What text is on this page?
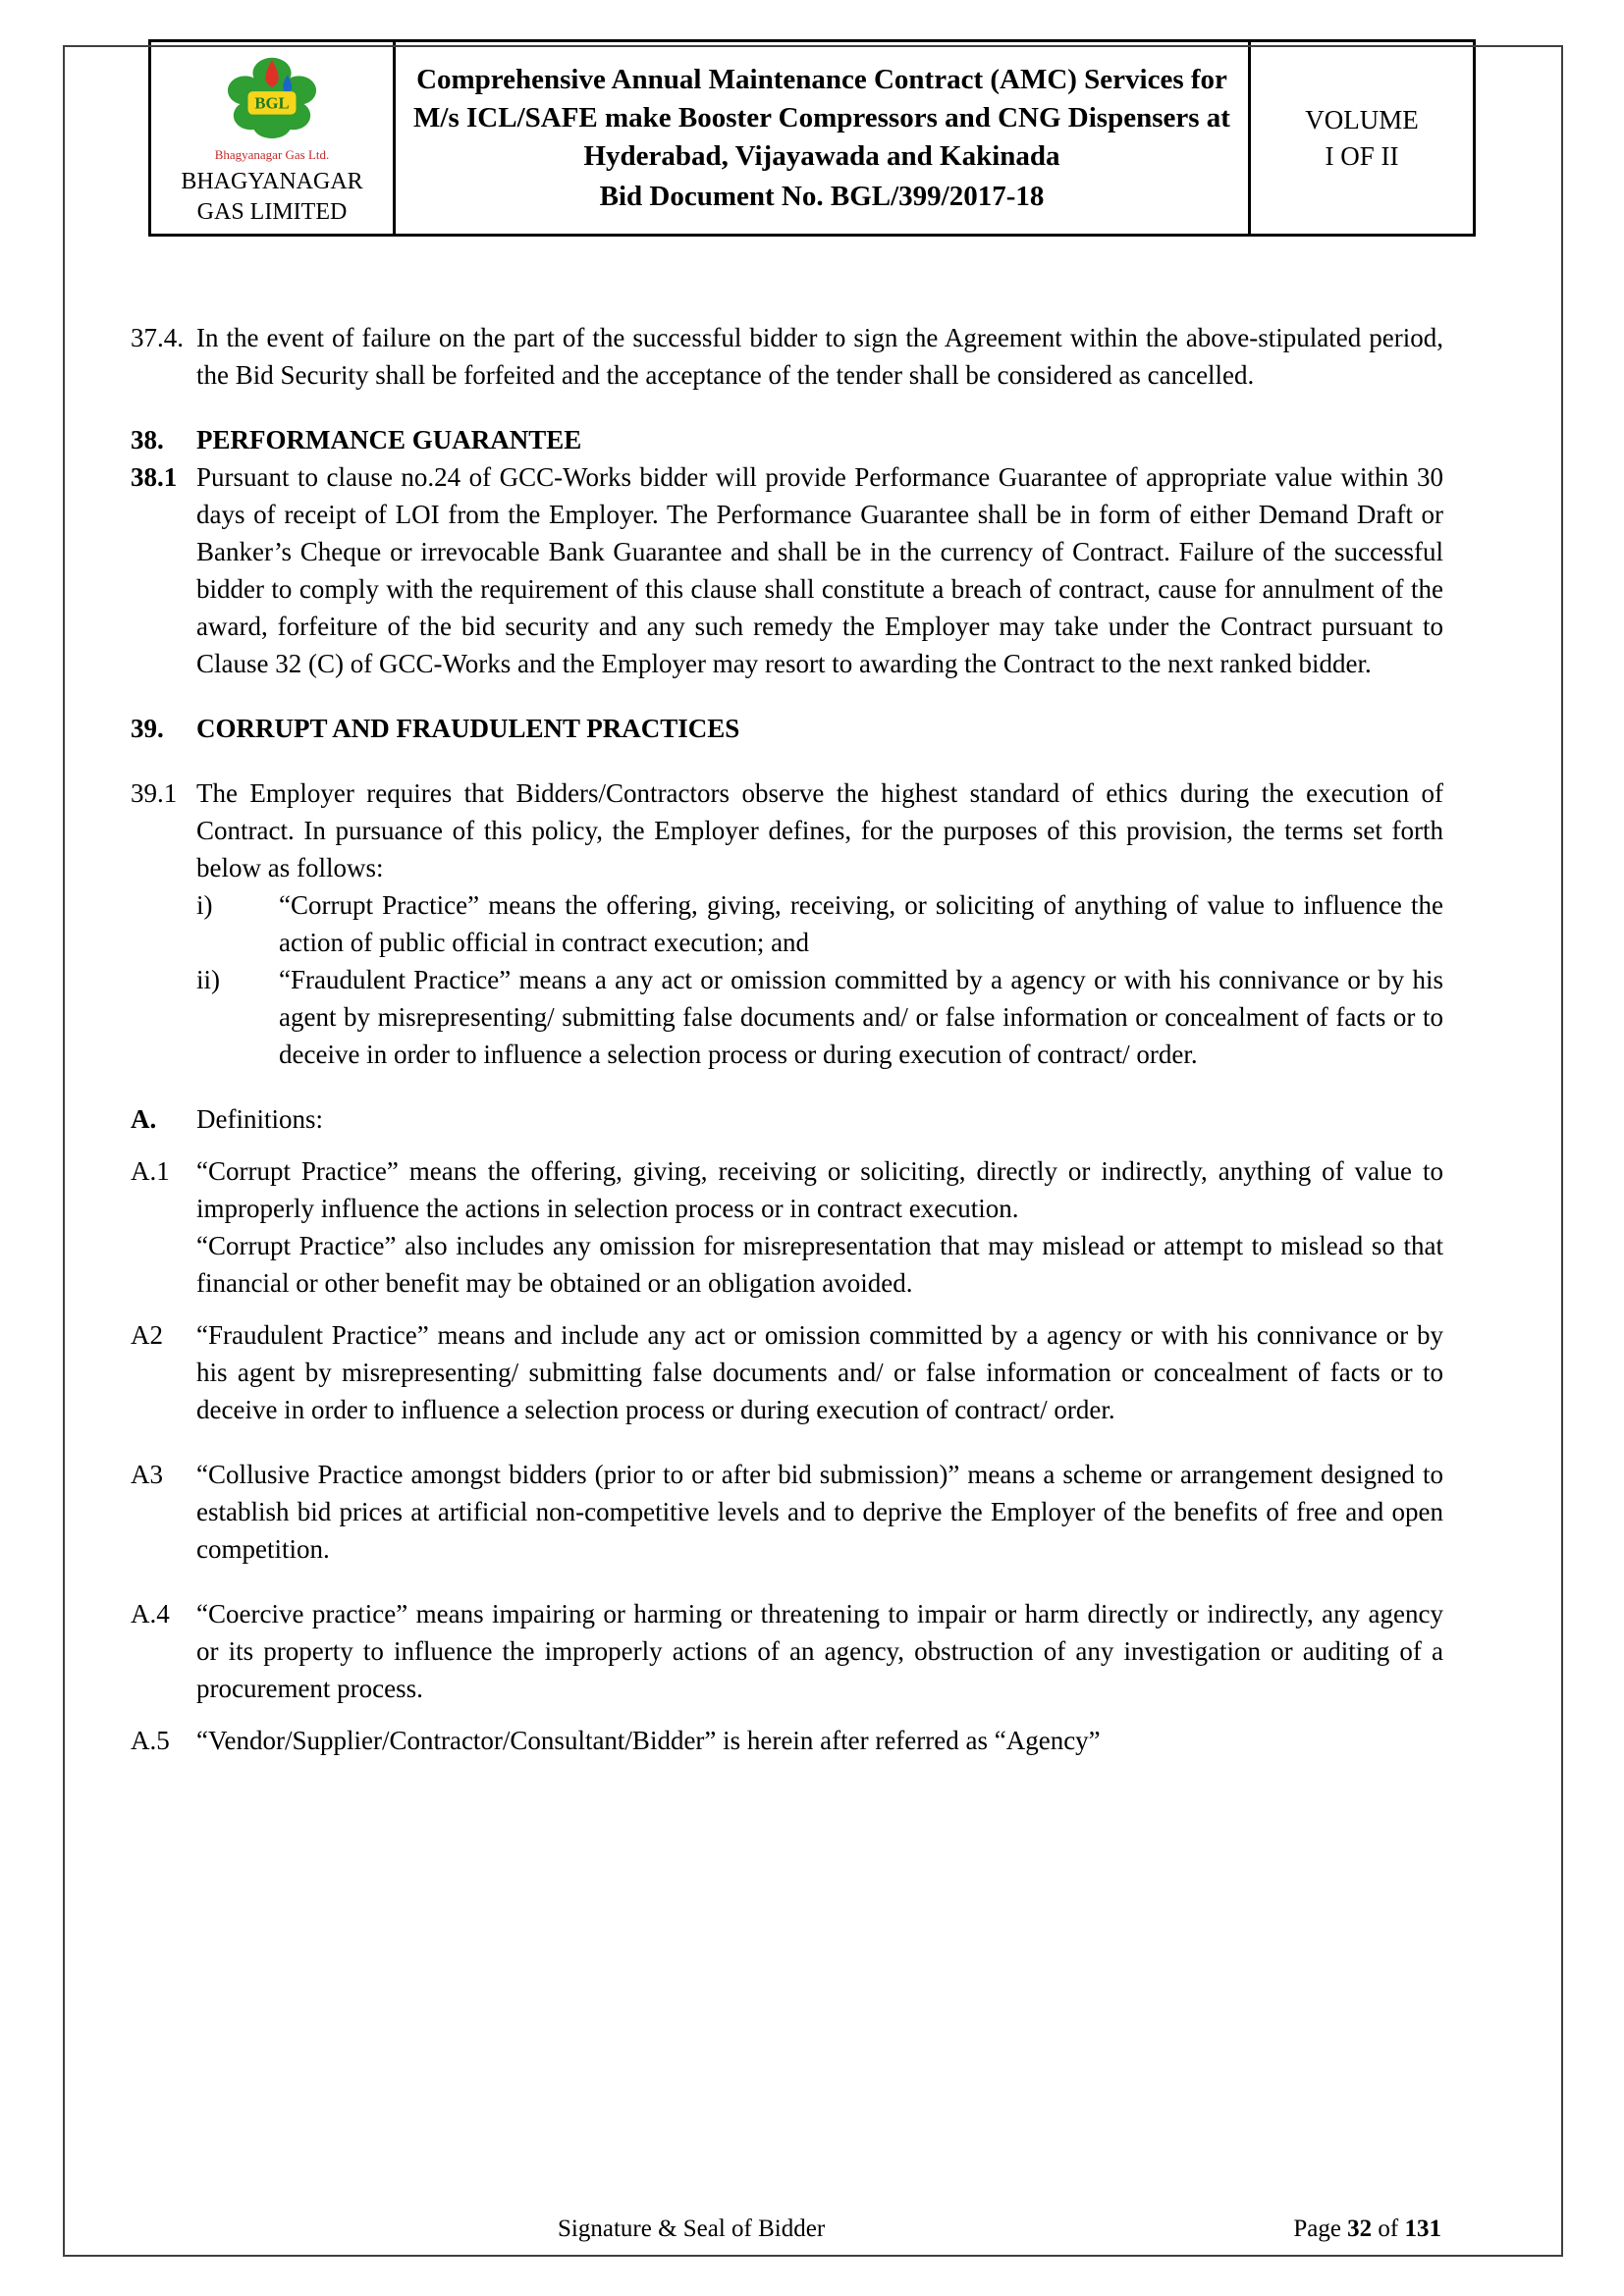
BGL
Bhagyanagar Gas Ltd.
BHAGYANAGAR
GAS LIMITED

Comprehensive Annual Maintenance Contract (AMC) Services for M/s ICL/SAFE make Booster Compressors and CNG Dispensers at Hyderabad, Vijayawada and Kakinada
Bid Document No. BGL/399/2017-18

VOLUME
I OF II
37.4. In the event of failure on the part of the successful bidder to sign the Agreement within the above-stipulated period, the Bid Security shall be forfeited and the acceptance of the tender shall be considered as cancelled.
38.	PERFORMANCE GUARANTEE
38.1 Pursuant to clause no.24 of GCC-Works bidder will provide Performance Guarantee of appropriate value within 30 days of receipt of LOI from the Employer. The Performance Guarantee shall be in form of either Demand Draft or Banker’s Cheque or irrevocable Bank Guarantee and shall be in the currency of Contract. Failure of the successful bidder to comply with the requirement of this clause shall constitute a breach of contract, cause for annulment of the award, forfeiture of the bid security and any such remedy the Employer may take under the Contract pursuant to Clause 32 (C) of GCC-Works and the Employer may resort to awarding the Contract to the next ranked bidder.
39.	CORRUPT AND FRAUDULENT PRACTICES
39.1 The Employer requires that Bidders/Contractors observe the highest standard of ethics during the execution of Contract. In pursuance of this policy, the Employer defines, for the purposes of this provision, the terms set forth below as follows:
i)	“Corrupt Practice” means the offering, giving, receiving, or soliciting of anything of value to influence the action of public official in contract execution; and
ii)	“Fraudulent Practice” means a any act or omission committed by a agency or with his connivance or by his agent by misrepresenting/ submitting false documents and/ or false information or concealment of facts or to deceive in order to influence a selection process or during execution of contract/ order.
A.	Definitions:
A.1	“Corrupt Practice” means the offering, giving, receiving or soliciting, directly or indirectly, anything of value to improperly influence the actions in selection process or in contract execution.
“Corrupt Practice” also includes any omission for misrepresentation that may mislead or attempt to mislead so that financial or other benefit may be obtained or an obligation avoided.
A2	“Fraudulent Practice” means and include any act or omission committed by a agency or with his connivance or by his agent by misrepresenting/ submitting false documents and/ or false information or concealment of facts or to deceive in order to influence a selection process or during execution of contract/ order.
A3	“Collusive Practice amongst bidders (prior to or after bid submission)” means a scheme or arrangement designed to establish bid prices at artificial non-competitive levels and to deprive the Employer of the benefits of free and open competition.
A.4	“Coercive practice” means impairing or harming or threatening to impair or harm directly or indirectly, any agency or its property to influence the improperly actions of an agency, obstruction of any investigation or auditing of a procurement process.
A.5	“Vendor/Supplier/Contractor/Consultant/Bidder” is herein after referred as “Agency”
Signature & Seal of Bidder	Page 32 of 131
